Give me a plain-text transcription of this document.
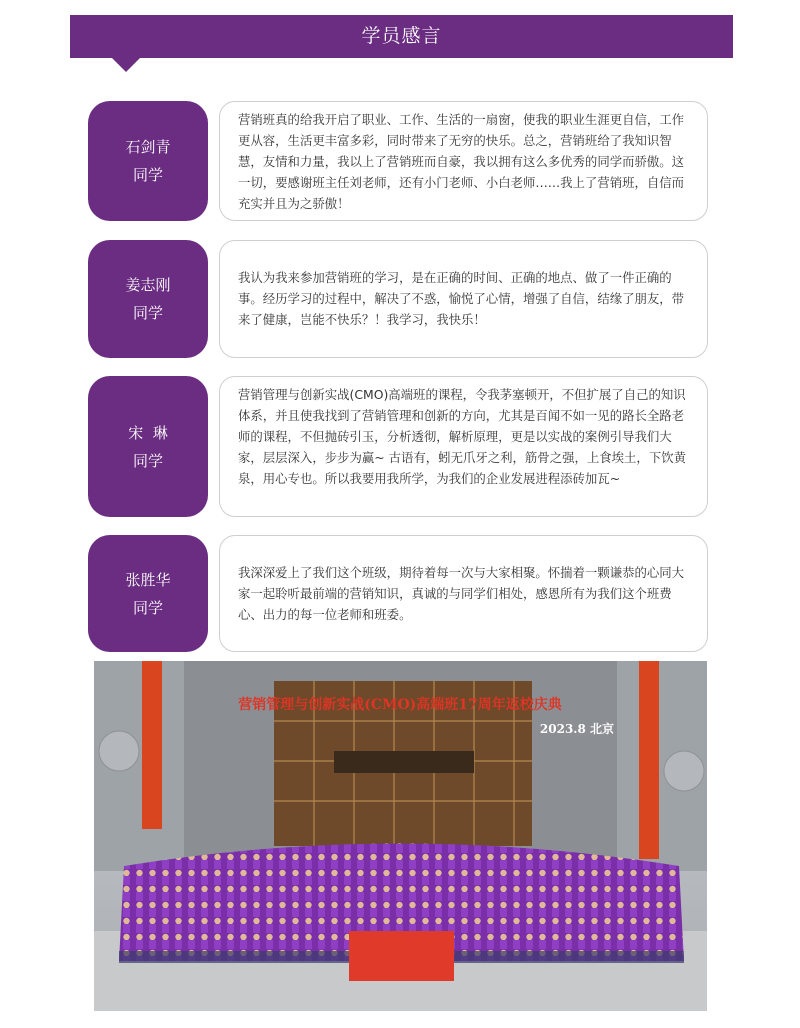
学员感言
石剑青
同学

营销班真的给我开启了职业、工作、生活的一扇窗，使我的职业生涯更自信，工作更从容，生活更丰富多彩，同时带来了无穷的快乐。总之，营销班给了我知识智慧，友情和力量，我以上了营销班而自豪，我以拥有这么多优秀的同学而骄傲。这一切，要感谢班主任刘老师，还有小门老师、小白老师……我上了营销班，自信而充实并且为之骄傲！

姜志刚
同学

我认为我来参加营销班的学习，是在正确的时间、正确的地点、做了一件正确的事。经历学习的过程中，解决了不惑，愉悦了心情，增强了自信，结缘了朋友，带来了健康，岂能不快乐？！我学习，我快乐！

宋  琳
同学

营销管理与创新实战(CMO)高端班的课程，令我茅塞顿开，不但扩展了自己的知识体系，并且使我找到了营销管理和创新的方向，尤其是百闻不如一见的路长全路老师的课程，不但抛砖引玉，分析透彻，解析原理，更是以实战的案例引导我们大家，层层深入，步步为赢~ 古语有，蚓无爪牙之利，筋骨之强，上食埃土，下饮黄泉，用心专也。所以我要用我所学，为我们的企业发展进程添砖加瓦~

张胜华
同学

我深深爱上了我们这个班级，期待着每一次与大家相聚。怀揣着一颗谦恭的心同大家一起聆听最前端的营销知识，真诚的与同学们相处，感恩所有为我们这个班费心、出力的每一位老师和班委。

营销管理与创新实战(CMO)高端班17周年返校庆典
2023.8 北京
